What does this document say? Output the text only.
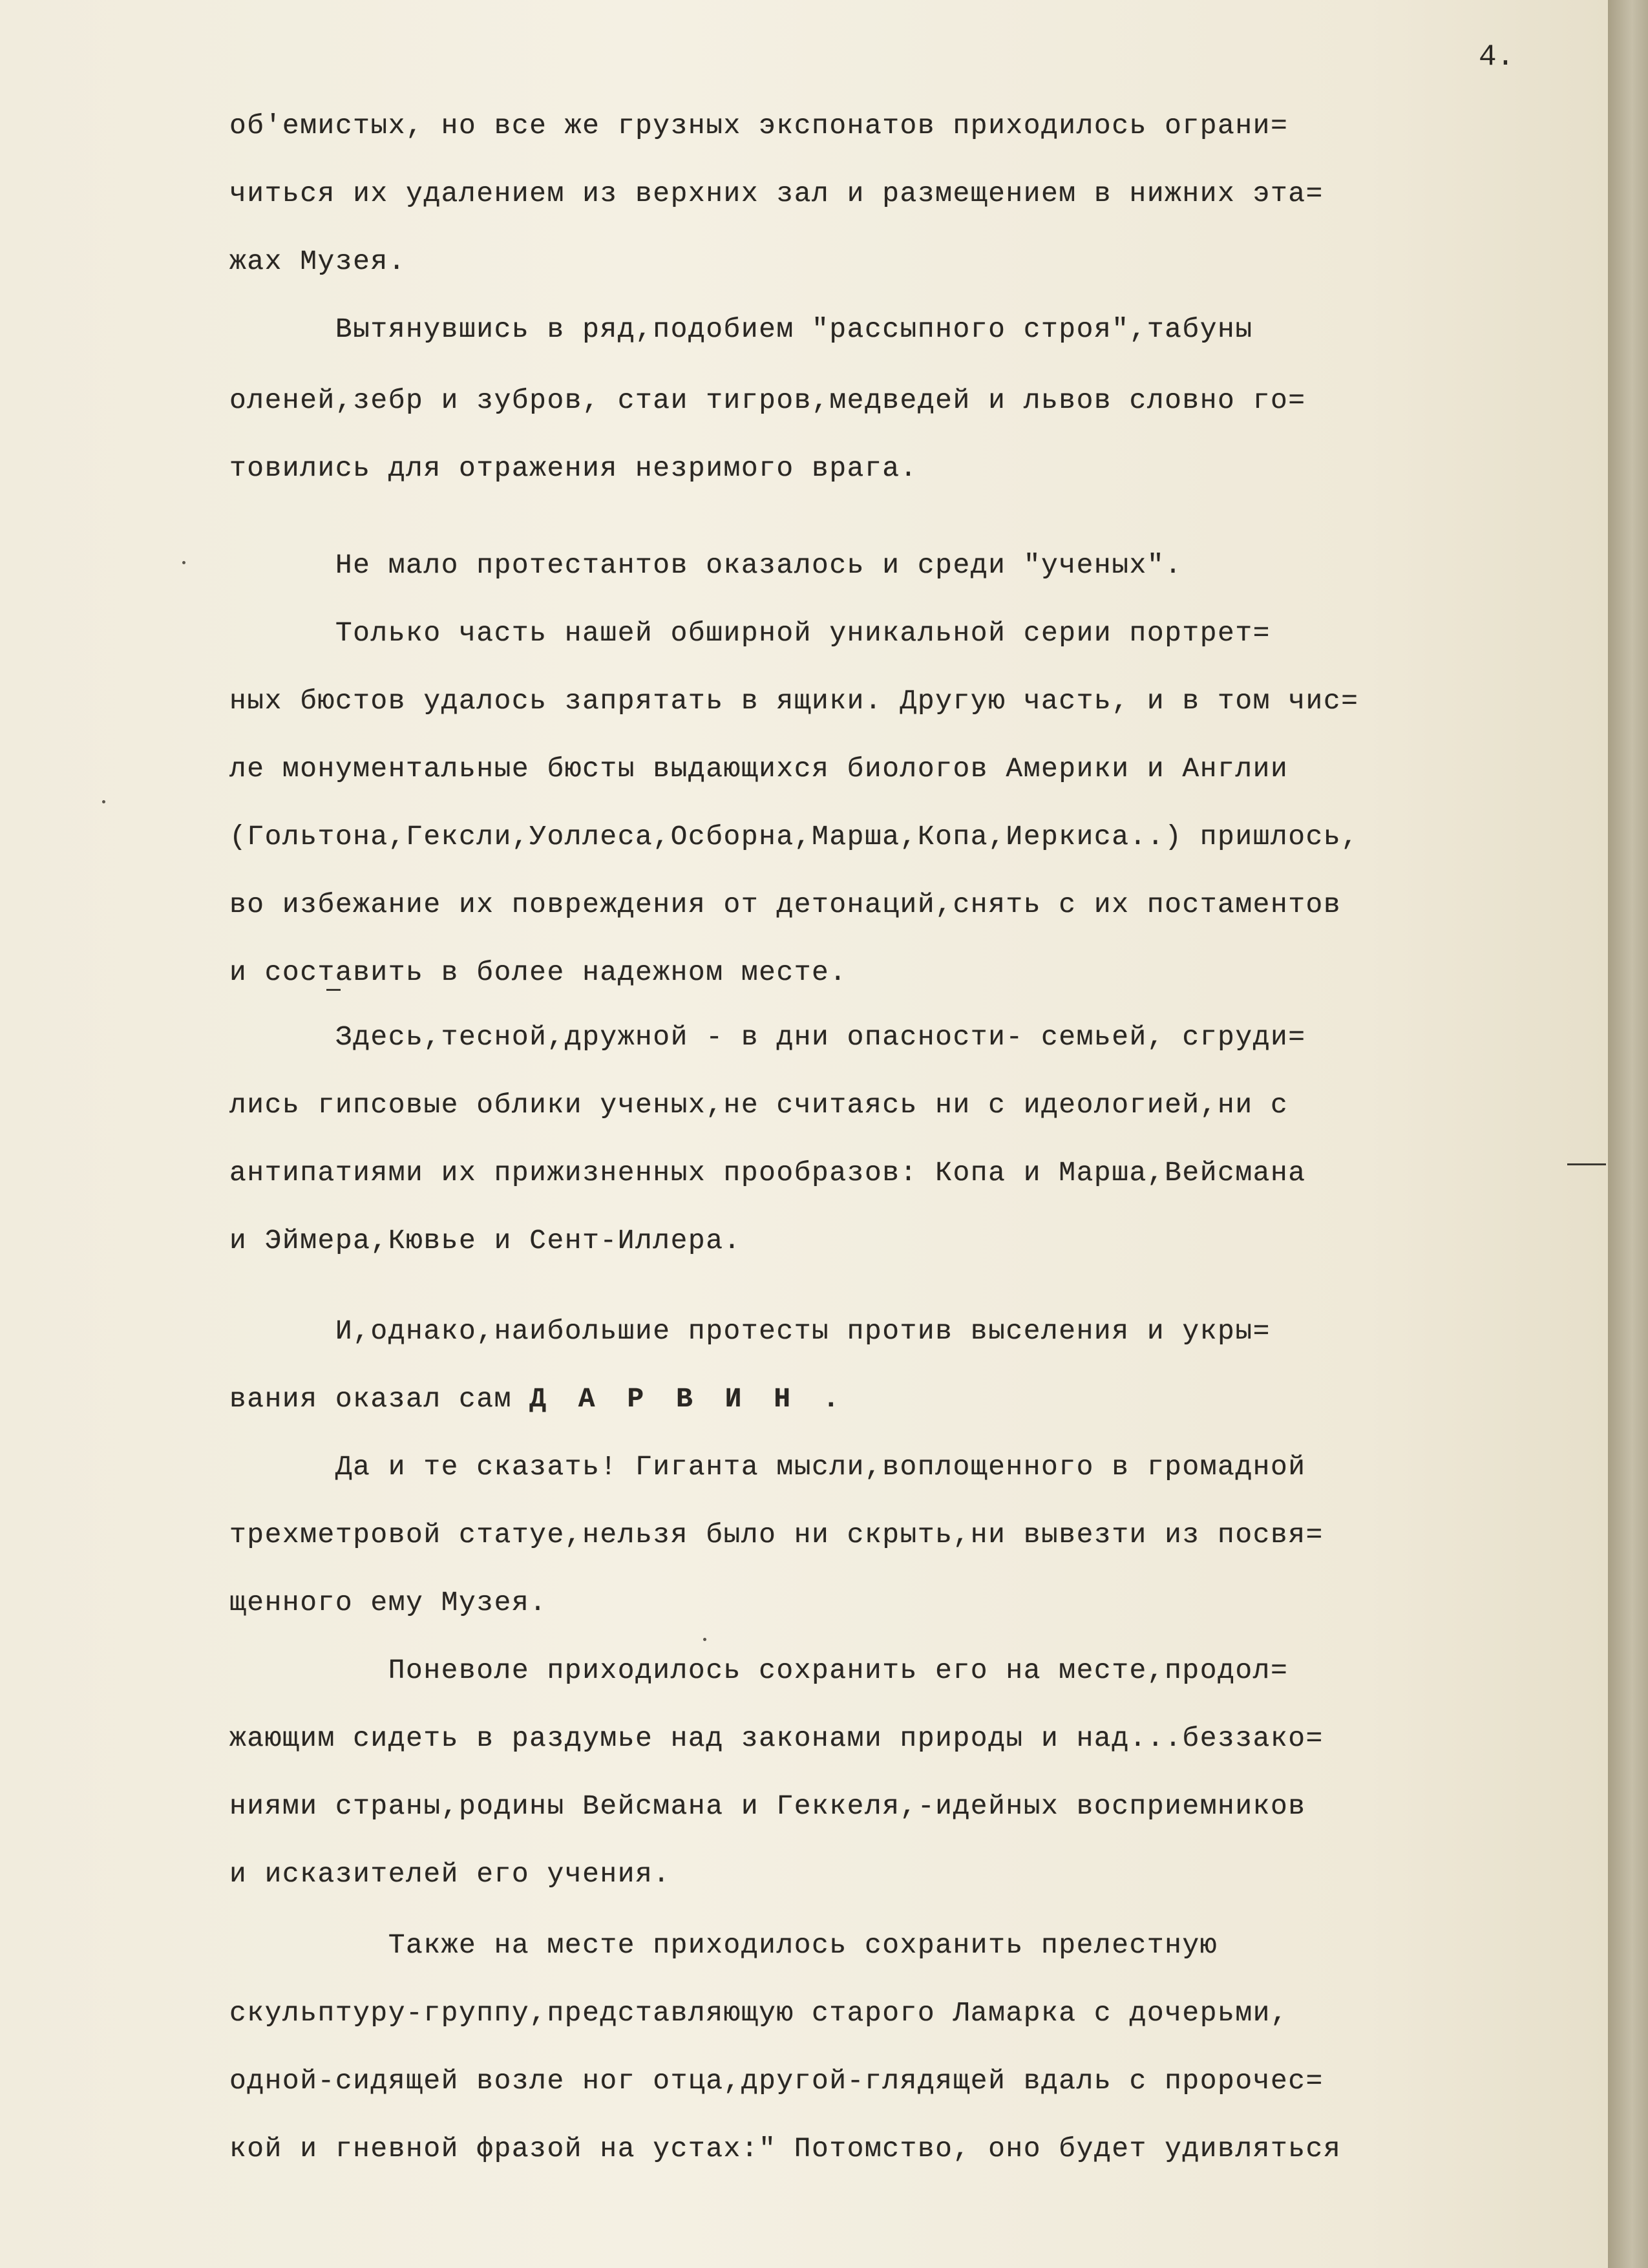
4.
об'емистых, но все же грузных экспонатов приходилось ограни=
читься их удалением из верхних зал и размещением в нижних эта=
жах Музея.
Вытянувшись в ряд,подобием "рассыпного строя",табуны
оленей,зебр и зубров, стаи тигров,медведей и львов словно го=
товились для отражения незримого врага.
Не мало протестантов оказалось и среди "ученых".
Только часть нашей обширной уникальной серии портрет=
ных бюстов удалось запрятать в ящики. Другую часть, и в том чис=
ле монументальные бюсты выдающихся биологов Америки и Англии
(Гольтона,Гексли,Уоллеса,Осборна,Марша,Копа,Иеркиса..) пришлось,
во избежание их повреждения от детонаций,снять с их постаментов
и составить в более надежном месте.
Здесь,тесной,дружной - в дни опасности- семьей, сгруди=
лись гипсовые облики ученых,не считаясь ни с идеологией,ни с
антипатиями их прижизненных прообразов: Копа и Марша,Вейсмана
и Эймера,Кювье и Сент-Иллера.
И,однако,наибольшие протесты против выселения и укры=
вания оказал сам Д А Р В И Н .
Да и те сказать! Гиганта мысли,воплощенного в громадной
трехметровой статуе,нельзя было ни скрыть,ни вывезти из посвя=
щенного ему Музея.
Поневоле приходилось сохранить его на месте,продол=
жающим сидеть в раздумье над законами природы и над...беззако=
ниями страны,родины Вейсмана и Геккеля,-идейных восприемников
и исказителей его учения.
Также на месте приходилось сохранить прелестную
скульптуру-группу,представляющую старого Ламарка с дочерьми,
одной-сидящей возле ног отца,другой-глядящей вдаль с пророчес=
кой и гневной фразой на устах:" Потомство, оно будет удивляться
